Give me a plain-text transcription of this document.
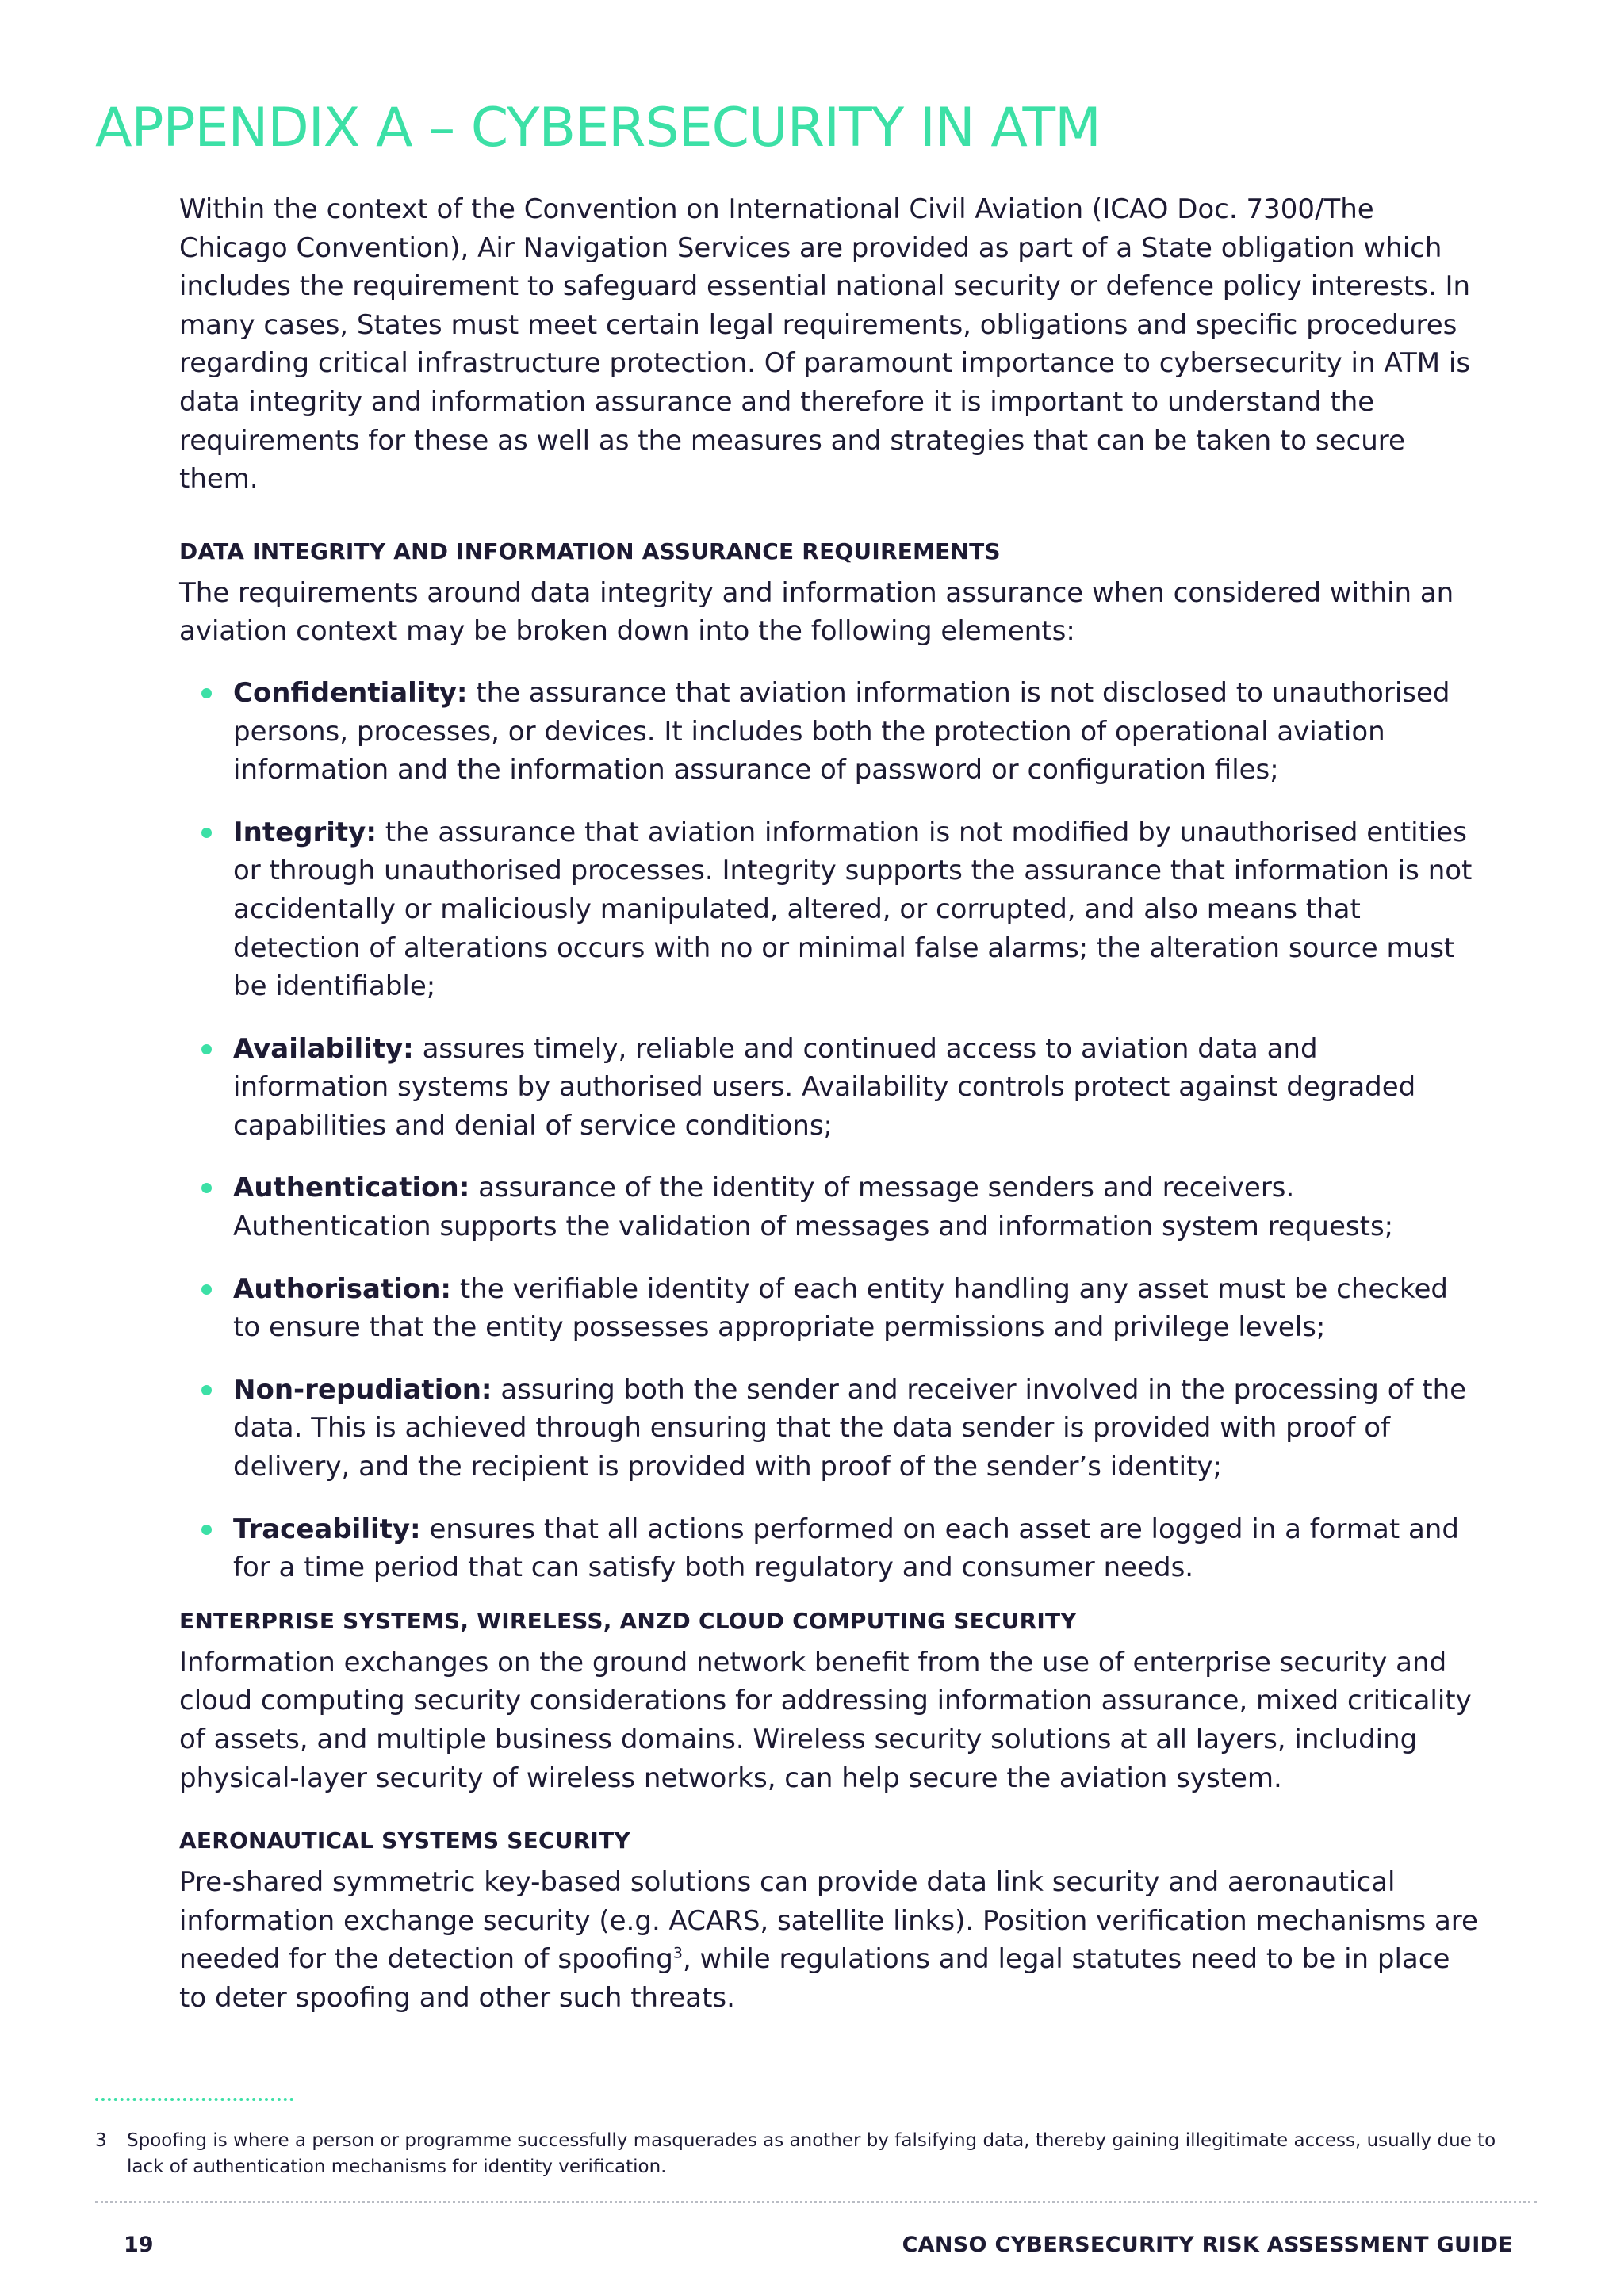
APPENDIX A – CYBERSECURITY IN ATM

Within the context of the Convention on International Civil Aviation (ICAO Doc. 7300/The Chicago Convention), Air Navigation Services are provided as part of a State obligation which includes the requirement to safeguard essential national security or defence policy interests. In many cases, States must meet certain legal requirements, obligations and specific procedures regarding critical infrastructure protection. Of paramount importance to cybersecurity in ATM is data integrity and information assurance and therefore it is important to understand the requirements for these as well as the measures and strategies that can be taken to secure them.

DATA INTEGRITY AND INFORMATION ASSURANCE REQUIREMENTS

The requirements around data integrity and information assurance when considered within an aviation context may be broken down into the following elements:

Confidentiality: the assurance that aviation information is not disclosed to unauthorised persons, processes, or devices. It includes both the protection of operational aviation information and the information assurance of password or configuration files;
Integrity: the assurance that aviation information is not modified by unauthorised entities or through unauthorised processes. Integrity supports the assurance that information is not accidentally or maliciously manipulated, altered, or corrupted, and also means that detection of alterations occurs with no or minimal false alarms; the alteration source must be identifiable;
Availability: assures timely, reliable and continued access to aviation data and information systems by authorised users. Availability controls protect against degraded capabilities and denial of service conditions;
Authentication: assurance of the identity of message senders and receivers. Authentication supports the validation of messages and information system requests;
Authorisation: the verifiable identity of each entity handling any asset must be checked to ensure that the entity possesses appropriate permissions and privilege levels;
Non-repudiation: assuring both the sender and receiver involved in the processing of the data. This is achieved through ensuring that the data sender is provided with proof of delivery, and the recipient is provided with proof of the sender’s identity;
Traceability: ensures that all actions performed on each asset are logged in a format and for a time period that can satisfy both regulatory and consumer needs.
ENTERPRISE SYSTEMS, WIRELESS, ANZD CLOUD COMPUTING SECURITY

Information exchanges on the ground network benefit from the use of enterprise security and cloud computing security considerations for addressing information assurance, mixed criticality of assets, and multiple business domains. Wireless security solutions at all layers, including physical-layer security of wireless networks, can help secure the aviation system.

AERONAUTICAL SYSTEMS SECURITY

Pre-shared symmetric key-based solutions can provide data link security and aeronautical information exchange security (e.g. ACARS, satellite links). Position verification mechanisms are needed for the detection of spoofing$^3$, while regulations and legal statutes need to be in place to deter spoofing and other such threats.

3	Spoofing is where a person or programme successfully masquerades as another by falsifying data, thereby gaining illegitimate access, usually due to lack of authentication mechanisms for identity verification.
19	CANSO CYBERSECURITY RISK ASSESSMENT GUIDE
